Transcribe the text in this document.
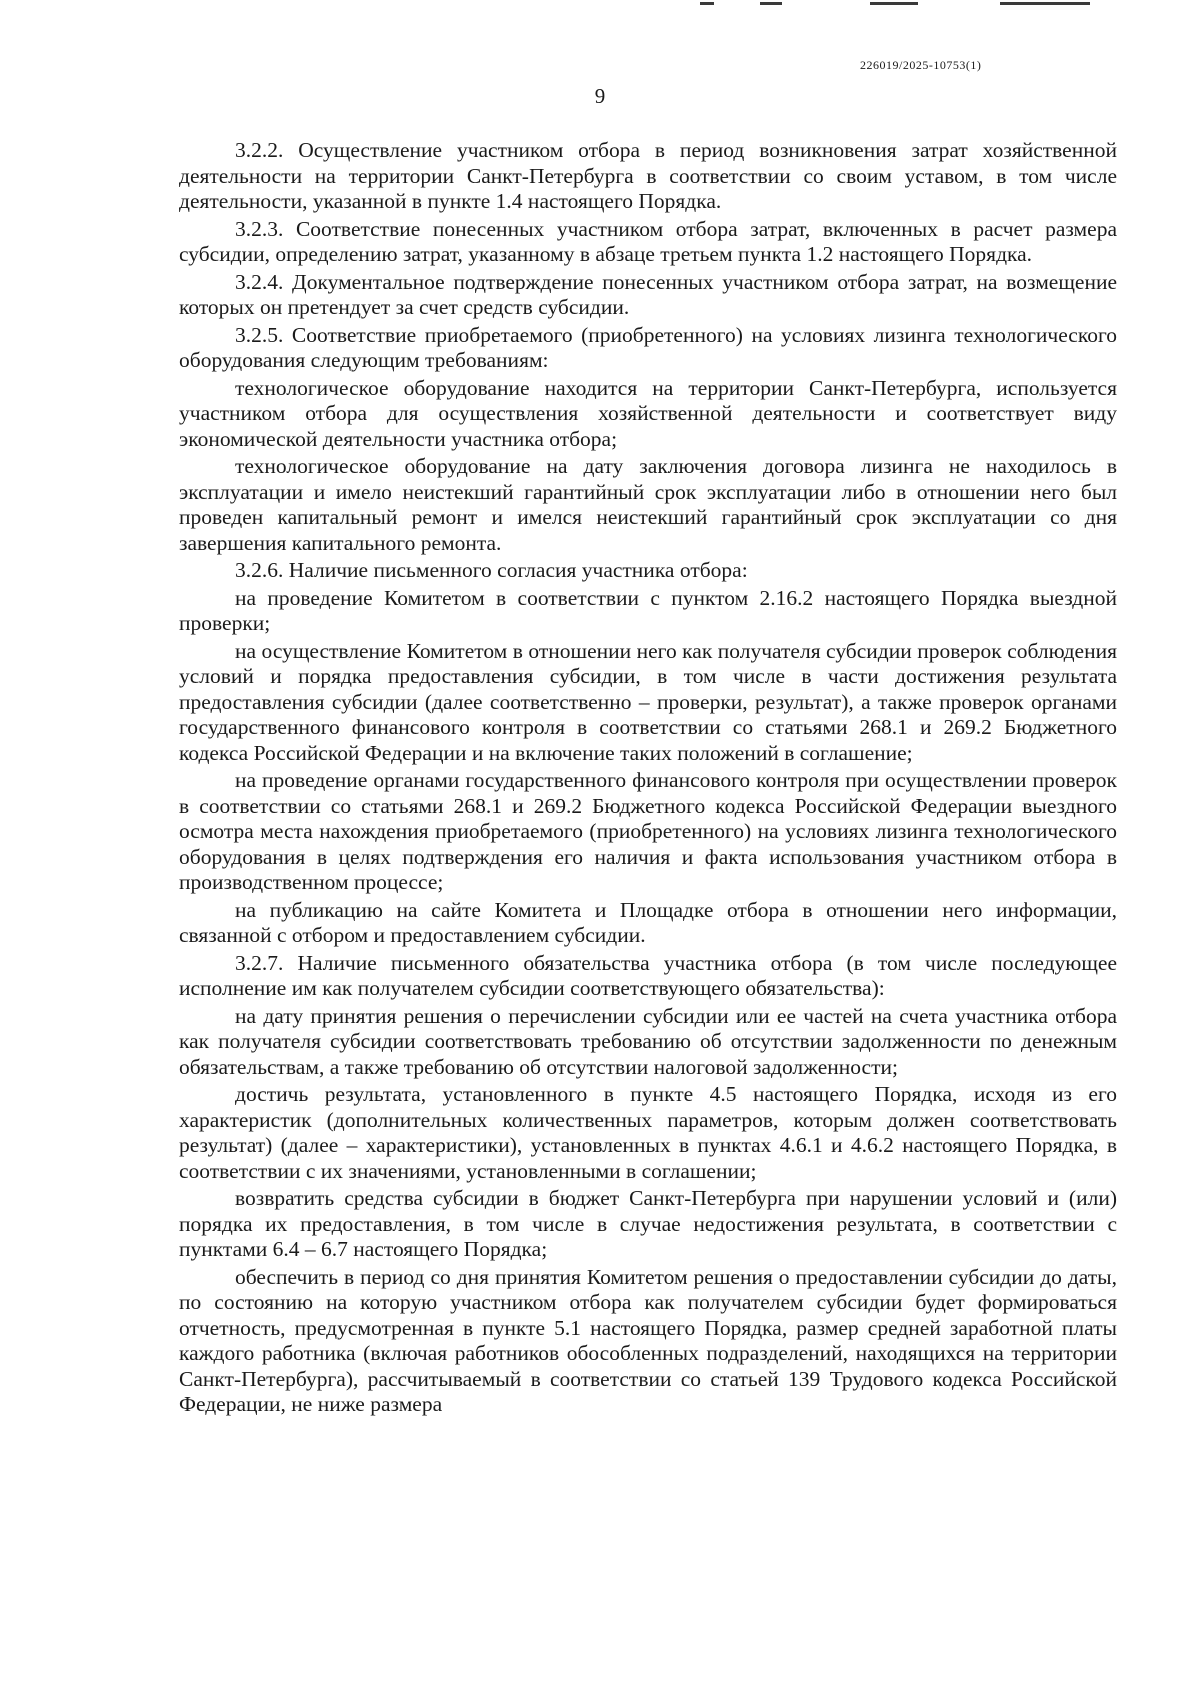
226019/2025-10753(1)
9

3.2.2. Осуществление участником отбора в период возникновения затрат хозяйственной деятельности на территории Санкт-Петербурга в соответствии со своим уставом, в том числе деятельности, указанной в пункте 1.4 настоящего Порядка.

3.2.3. Соответствие понесенных участником отбора затрат, включенных в расчет размера субсидии, определению затрат, указанному в абзаце третьем пункта 1.2 настоящего Порядка.

3.2.4. Документальное подтверждение понесенных участником отбора затрат, на возмещение которых он претендует за счет средств субсидии.

3.2.5. Соответствие приобретаемого (приобретенного) на условиях лизинга технологического оборудования следующим требованиям:

технологическое оборудование находится на территории Санкт-Петербурга, используется участником отбора для осуществления хозяйственной деятельности и соответствует виду экономической деятельности участника отбора;

технологическое оборудование на дату заключения договора лизинга не находилось в эксплуатации и имело неистекший гарантийный срок эксплуатации либо в отношении него был проведен капитальный ремонт и имелся неистекший гарантийный срок эксплуатации со дня завершения капитального ремонта.

3.2.6. Наличие письменного согласия участника отбора:

на проведение Комитетом в соответствии с пунктом 2.16.2 настоящего Порядка выездной проверки;

на осуществление Комитетом в отношении него как получателя субсидии проверок соблюдения условий и порядка предоставления субсидии, в том числе в части достижения результата предоставления субсидии (далее соответственно – проверки, результат), а также проверок органами государственного финансового контроля в соответствии со статьями 268.1 и 269.2 Бюджетного кодекса Российской Федерации и на включение таких положений в соглашение;

на проведение органами государственного финансового контроля при осуществлении проверок в соответствии со статьями 268.1 и 269.2 Бюджетного кодекса Российской Федерации выездного осмотра места нахождения приобретаемого (приобретенного) на условиях лизинга технологического оборудования в целях подтверждения его наличия и факта использования участником отбора в производственном процессе;

на публикацию на сайте Комитета и Площадке отбора в отношении него информации, связанной с отбором и предоставлением субсидии.

3.2.7. Наличие письменного обязательства участника отбора (в том числе последующее исполнение им как получателем субсидии соответствующего обязательства):

на дату принятия решения о перечислении субсидии или ее частей на счета участника отбора как получателя субсидии соответствовать требованию об отсутствии задолженности по денежным обязательствам, а также требованию об отсутствии налоговой задолженности;

достичь результата, установленного в пункте 4.5 настоящего Порядка, исходя из его характеристик (дополнительных количественных параметров, которым должен соответствовать результат) (далее – характеристики), установленных в пунктах 4.6.1 и 4.6.2 настоящего Порядка, в соответствии с их значениями, установленными в соглашении;

возвратить средства субсидии в бюджет Санкт-Петербурга при нарушении условий и (или) порядка их предоставления, в том числе в случае недостижения результата, в соответствии с пунктами 6.4 – 6.7 настоящего Порядка;

обеспечить в период со дня принятия Комитетом решения о предоставлении субсидии до даты, по состоянию на которую участником отбора как получателем субсидии будет формироваться отчетность, предусмотренная в пункте 5.1 настоящего Порядка, размер средней заработной платы каждого работника (включая работников обособленных подразделений, находящихся на территории Санкт-Петербурга), рассчитываемый в соответствии со статьей 139 Трудового кодекса Российской Федерации, не ниже размера
